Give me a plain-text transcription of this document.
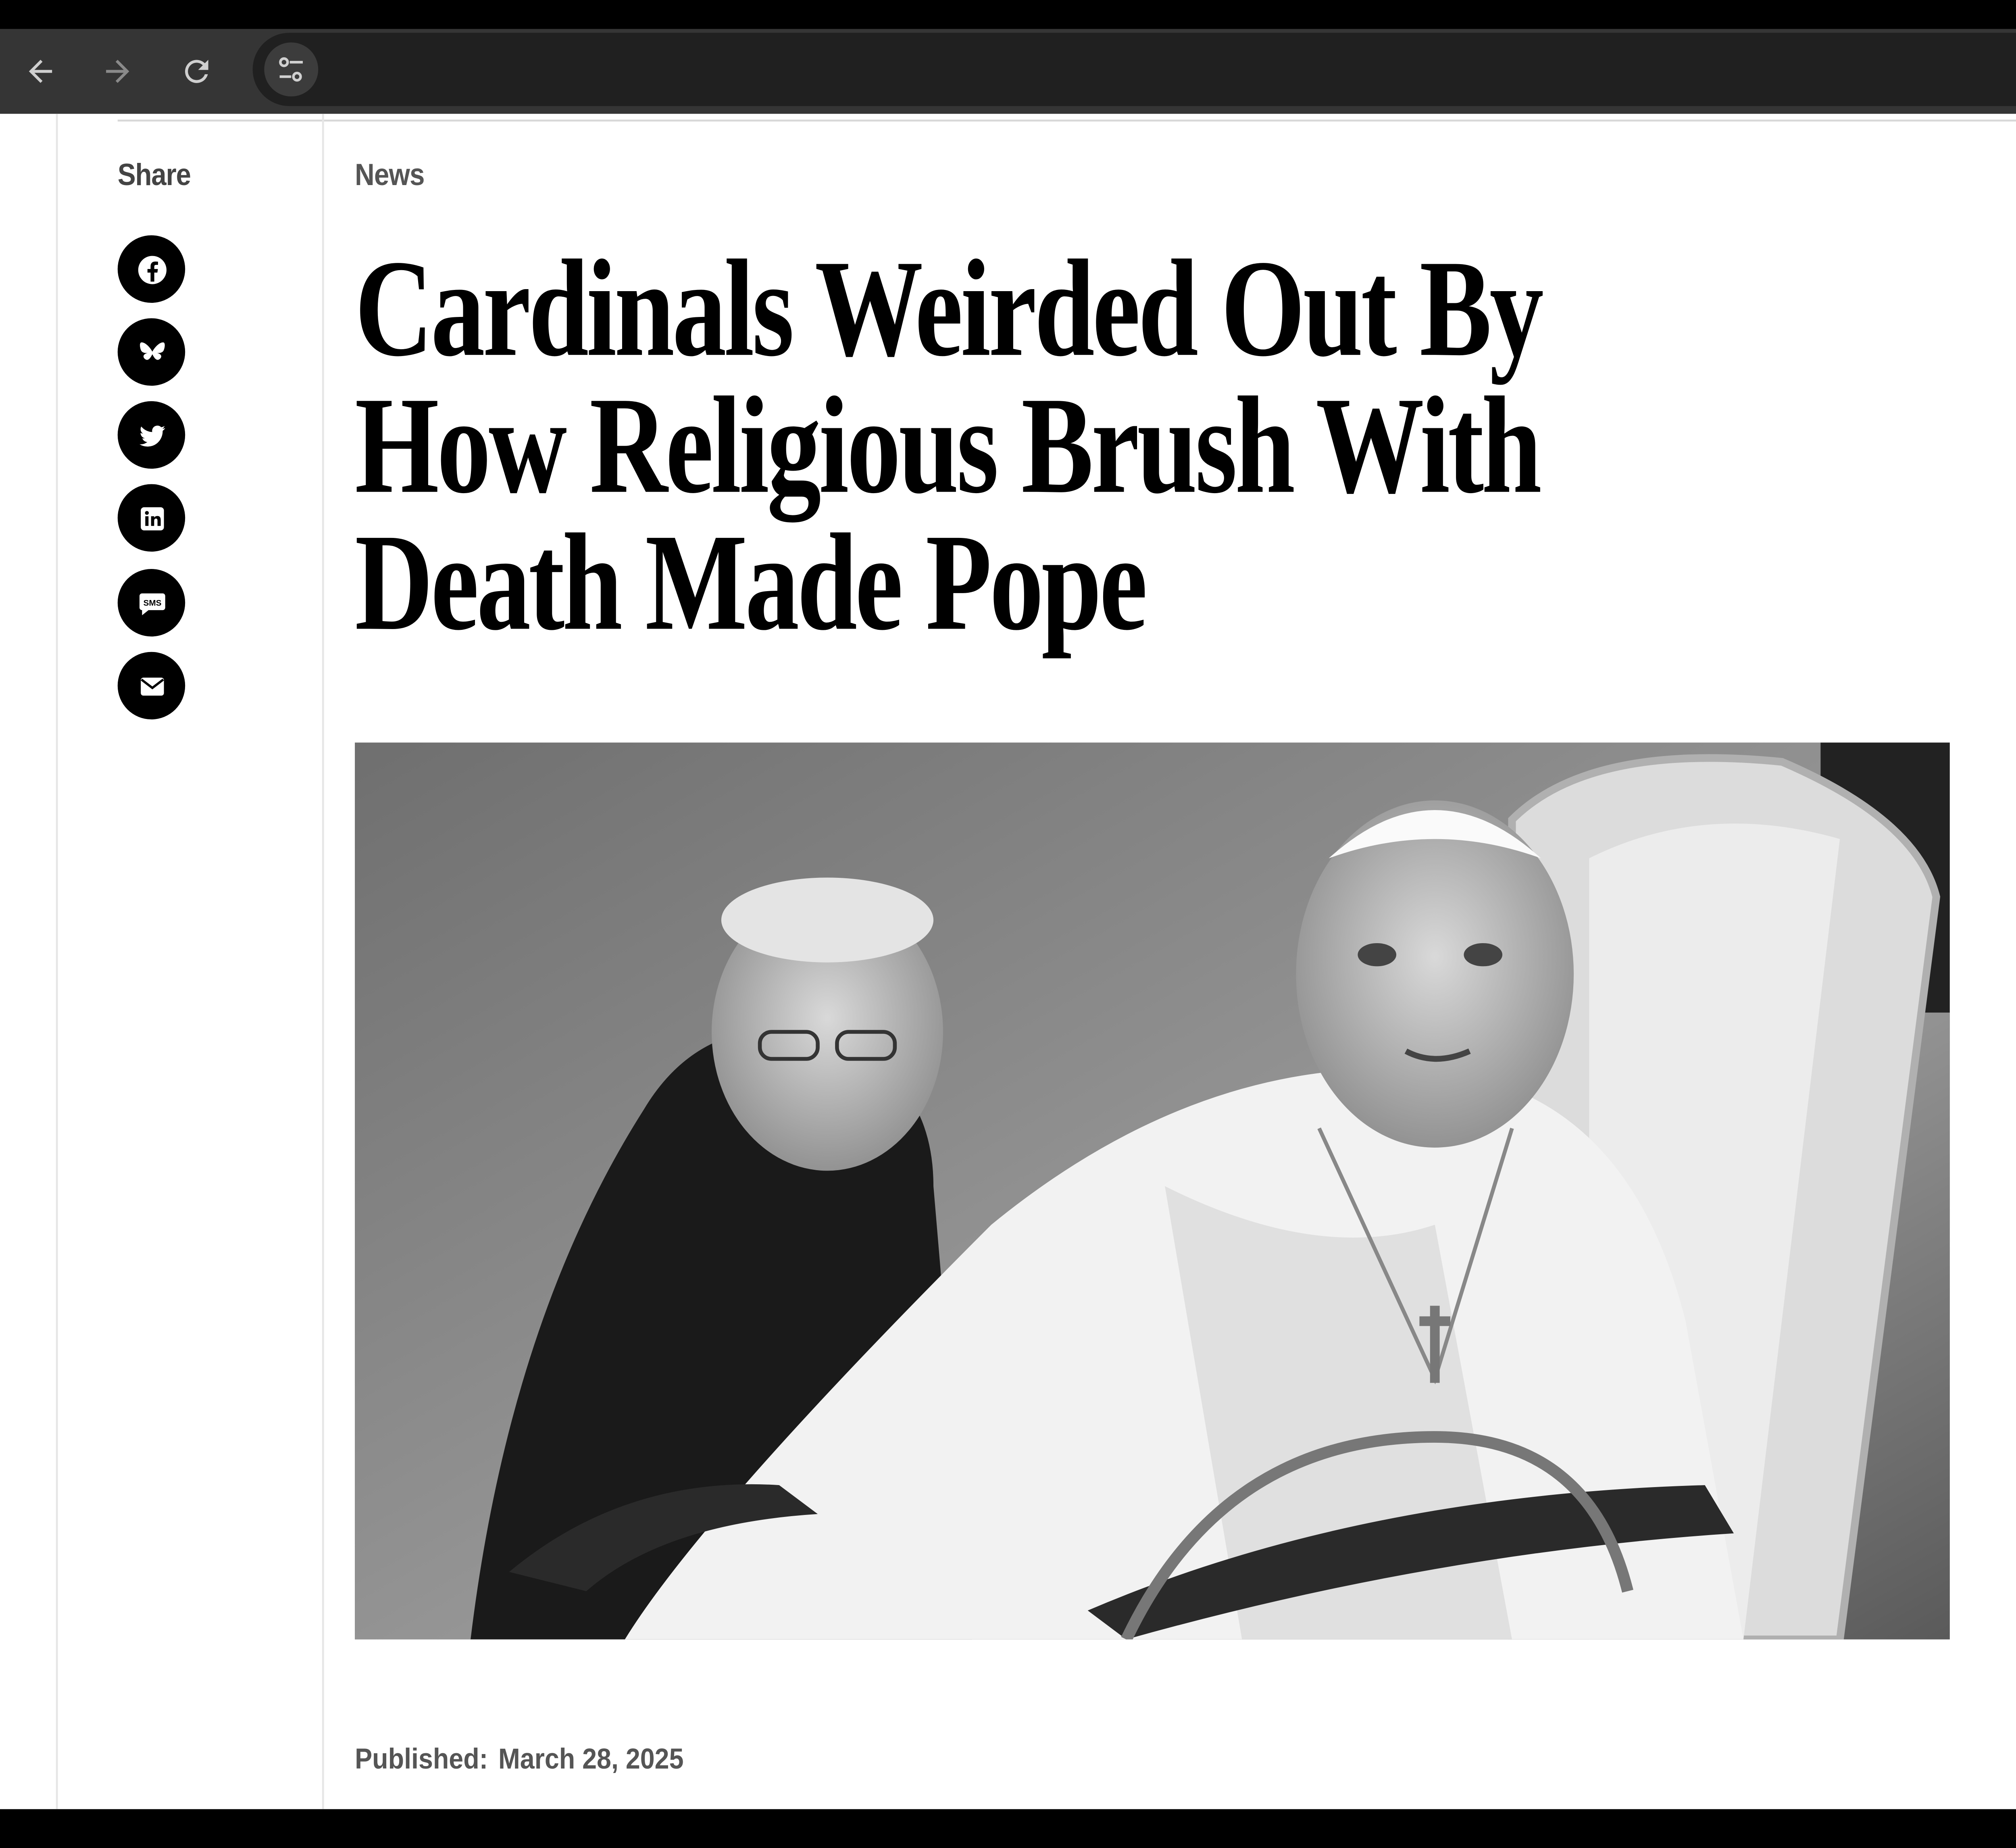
Share
SMS
News
Cardinals Weirded Out By How Religious Brush With Death Made Pope
Published: March 28, 2025
